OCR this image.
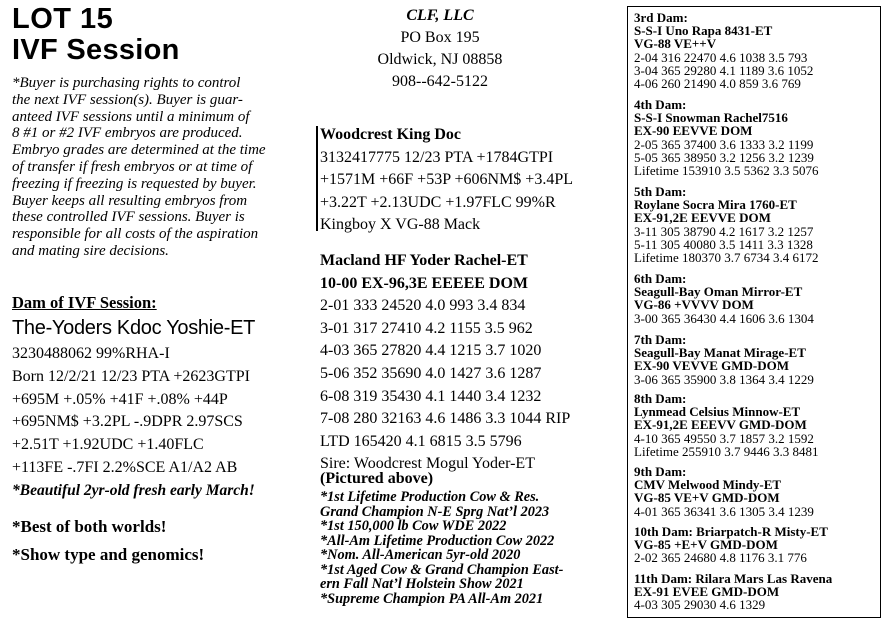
LOT 15
IVF Session
*Buyer is purchasing rights to control
the next IVF session(s). Buyer is guar-
anteed IVF sessions until a minimum of
8 #1 or #2 IVF embryos are produced.
Embryo grades are determined at the time
of transfer if fresh embryos or at time of
freezing if freezing is requested by buyer.
Buyer keeps all resulting embryos from
these controlled IVF sessions. Buyer is
responsible for all costs of the aspiration
and mating sire decisions.
Dam of IVF Session:
The-Yoders Kdoc Yoshie-ET
3230488062 99%RHA-I
Born 12/2/21 12/23 PTA +2623GTPI
+695M +.05% +41F +.08% +44P
+695NM$ +3.2PL -.9DPR 2.97SCS
+2.51T +1.92UDC +1.40FLC
+113FE -.7FI 2.2%SCE A1/A2 AB
*Beautiful 2yr-old fresh early March!
*Best of both worlds!
*Show type and genomics!
CLF, LLC
PO Box 195
Oldwick, NJ 08858
908--642-5122
Woodcrest King Doc
3132417775 12/23 PTA +1784GTPI
+1571M +66F +53P +606NM$ +3.4PL
+3.22T +2.13UDC +1.97FLC 99%R
Kingboy X VG-88 Mack
Macland HF Yoder Rachel-ET
10-00 EX-96,3E EEEEE DOM
2-01 333 24520 4.0 993 3.4 834
3-01 317 27410 4.2 1155 3.5 962
4-03 365 27820 4.4 1215 3.7 1020
5-06 352 35690 4.0 1427 3.6 1287
6-08 319 35430 4.1 1440 3.4 1232
7-08 280 32163 4.6 1486 3.3 1044 RIP
LTD 165420 4.1 6815 3.5 5796
Sire: Woodcrest Mogul Yoder-ET
(Pictured above)
*1st Lifetime Production Cow & Res.
Grand Champion N-E Sprg Nat’l 2023
*1st 150,000 lb Cow WDE 2022
*All-Am Lifetime Production Cow 2022
*Nom. All-American 5yr-old 2020
*1st Aged Cow & Grand Champion East-
ern Fall Nat’l Holstein Show 2021
*Supreme Champion PA All-Am 2021
3rd Dam:
S-S-I Uno Rapa 8431-ET
VG-88 VE++V
2-04 316 22470 4.6 1038 3.5 793
3-04 365 29280 4.1 1189 3.6 1052
4-06 260 21490 4.0 859 3.6 769
4th Dam:
S-S-I Snowman Rachel7516
EX-90 EEVVE DOM
2-05 365 37400 3.6 1333 3.2 1199
5-05 365 38950 3.2 1256 3.2 1239
Lifetime 153910 3.5 5362 3.3 5076
5th Dam:
Roylane Socra Mira 1760-ET
EX-91,2E EEVVE DOM
3-11 305 38790 4.2 1617 3.2 1257
5-11 305 40080 3.5 1411 3.3 1328
Lifetime 180370 3.7 6734 3.4 6172
6th Dam:
Seagull-Bay Oman Mirror-ET
VG-86 +VVVV DOM
3-00 365 36430 4.4 1606 3.6 1304
7th Dam:
Seagull-Bay Manat Mirage-ET
EX-90 VEVVE GMD-DOM
3-06 365 35900 3.8 1364 3.4 1229
8th Dam:
Lynmead Celsius Minnow-ET
EX-91,2E EEEVV GMD-DOM
4-10 365 49550 3.7 1857 3.2 1592
Lifetime 255910 3.7 9446 3.3 8481
9th Dam:
CMV Melwood Mindy-ET
VG-85 VE+V GMD-DOM
4-01 365 36341 3.6 1305 3.4 1239
10th Dam: Briarpatch-R Misty-ET
VG-85 +E+V GMD-DOM
2-02 365 24680 4.8 1176 3.1 776
11th Dam: Rilara Mars Las Ravena
EX-91 EVEE GMD-DOM
4-03 305 29030 4.6 1329
